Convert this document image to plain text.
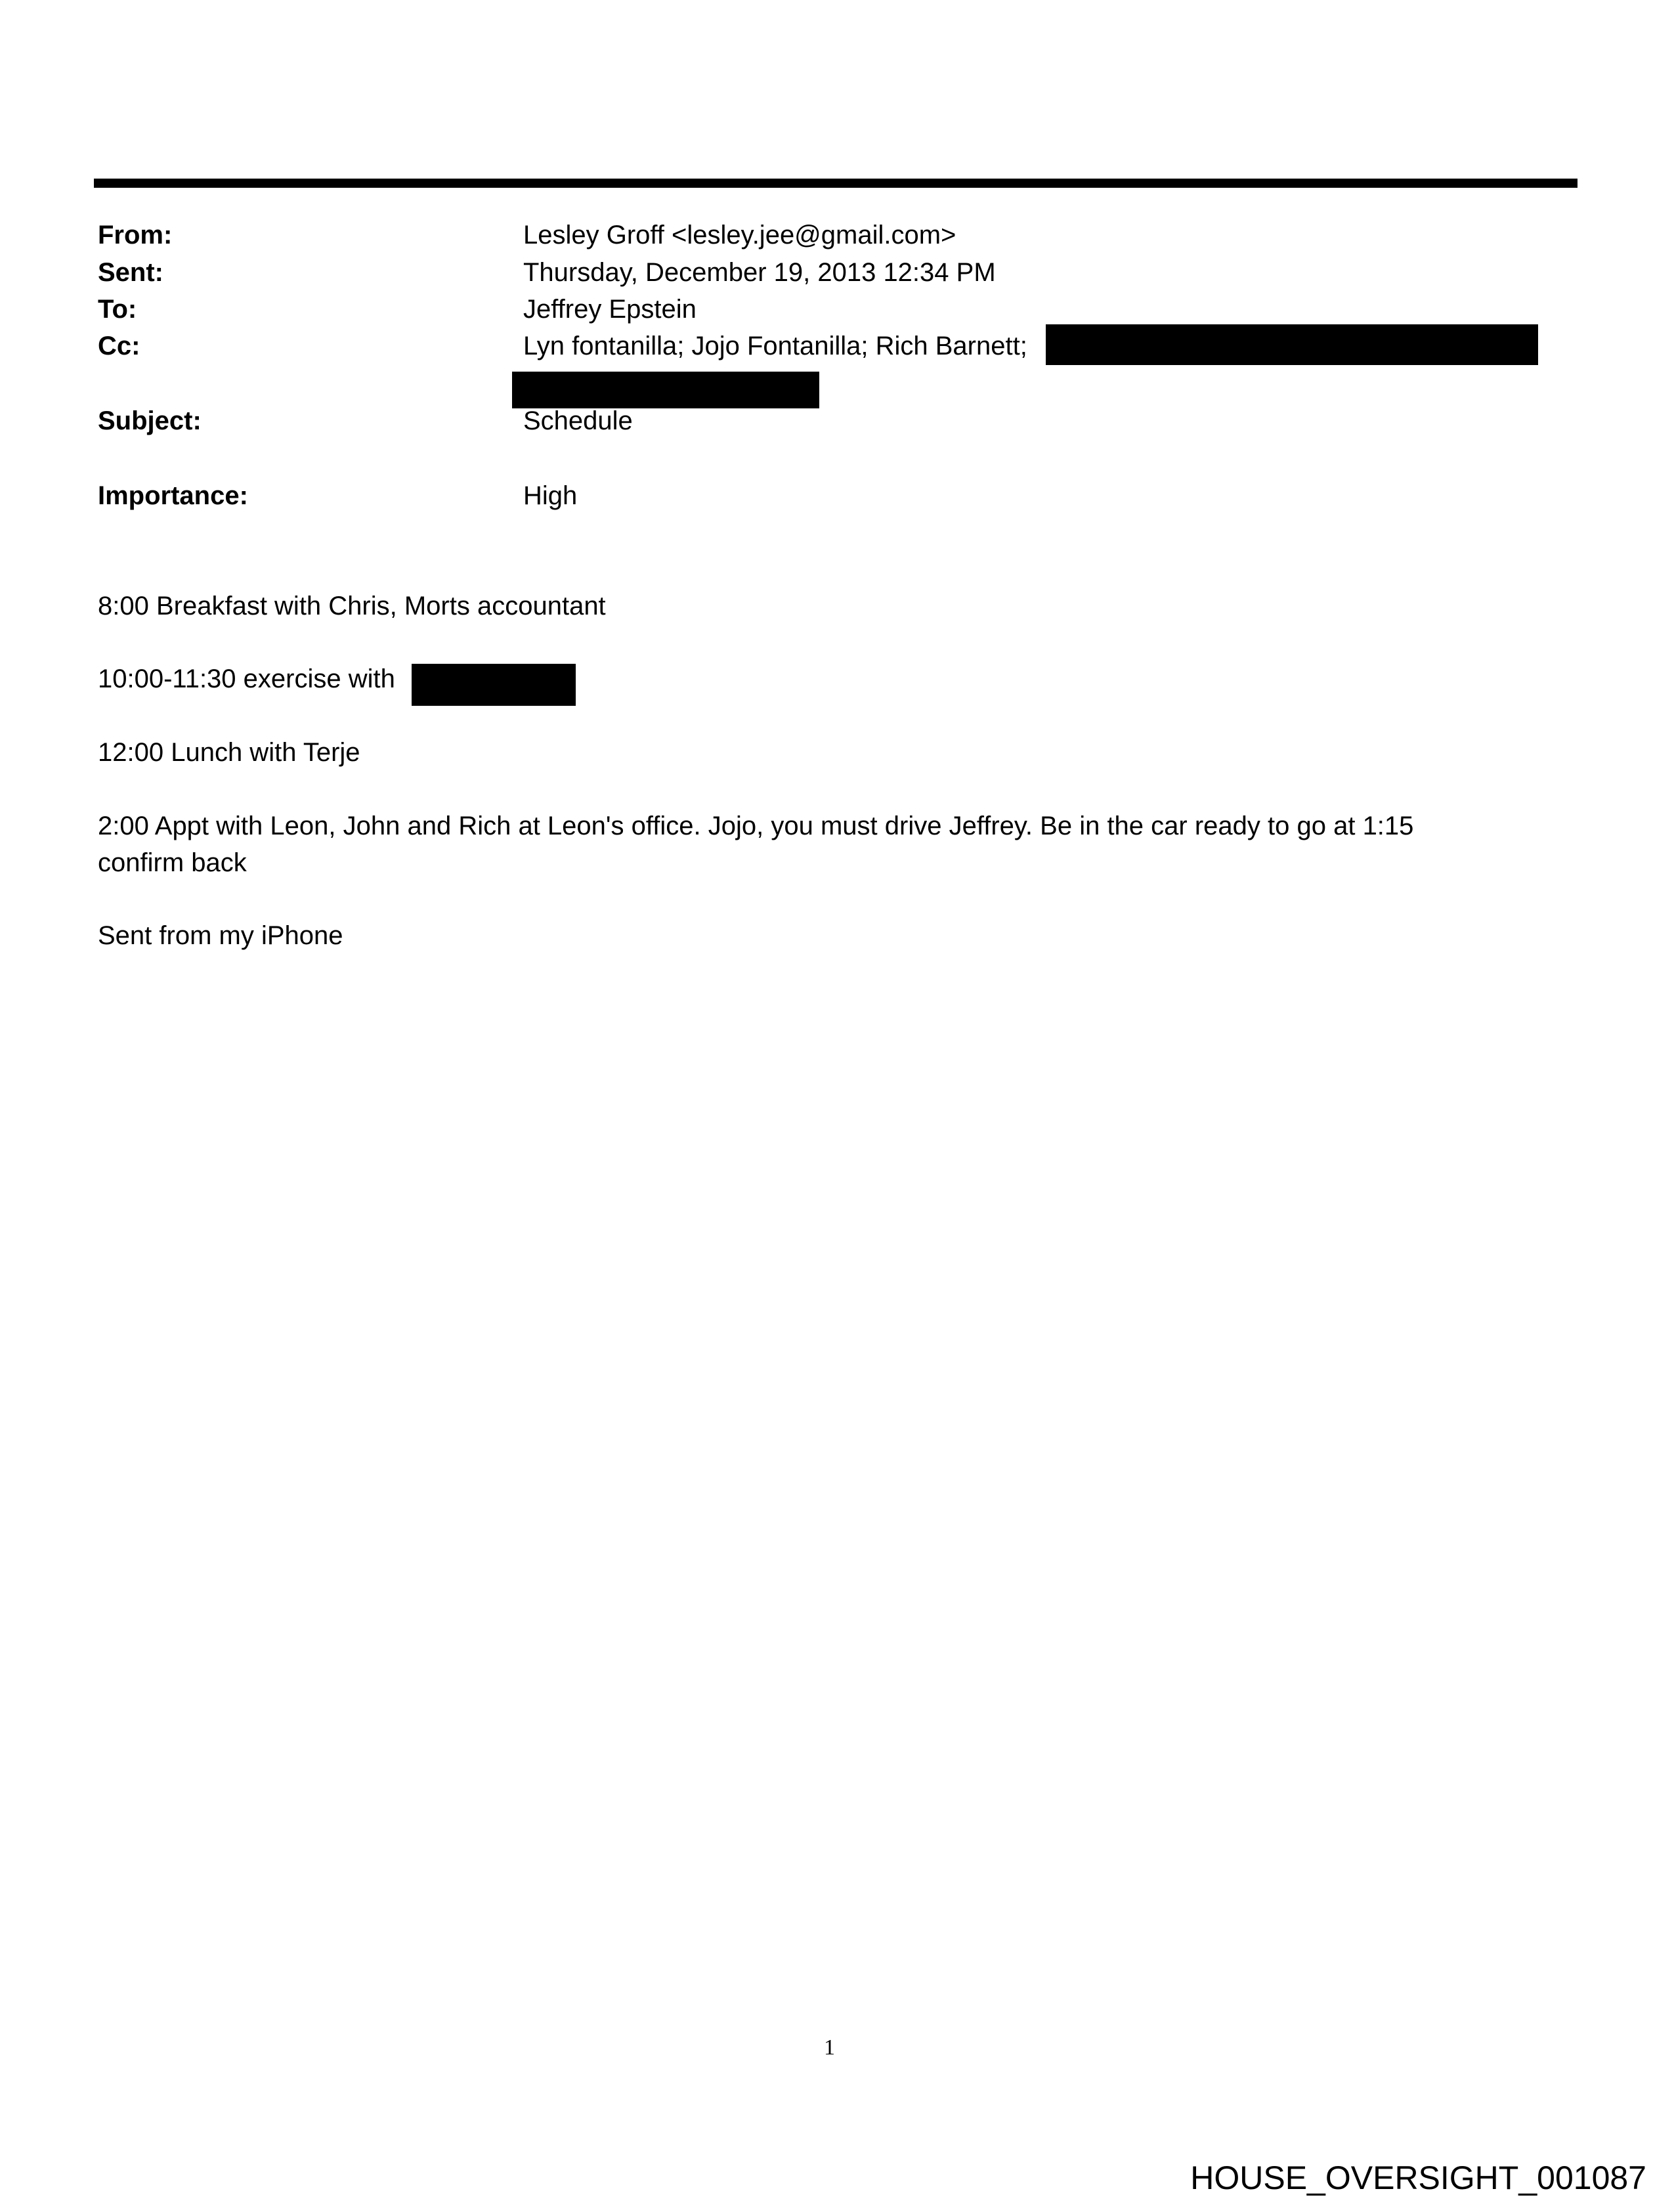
From:	Lesley Groff <lesley.jee@gmail.com>
Sent:	Thursday, December 19, 2013 12:34 PM
To:	Jeffrey Epstein
Cc:	Lyn fontanilla; Jojo Fontanilla; Rich Barnett;
Subject:	Schedule
Importance:	High
8:00 Breakfast with Chris, Morts accountant
10:00-11:30 exercise with
12:00 Lunch with Terje
2:00 Appt with Leon, John and Rich at Leon's office. Jojo, you must drive Jeffrey. Be in the car ready to go at 1:15
confirm back
Sent from my iPhone
1
HOUSE_OVERSIGHT_001087
